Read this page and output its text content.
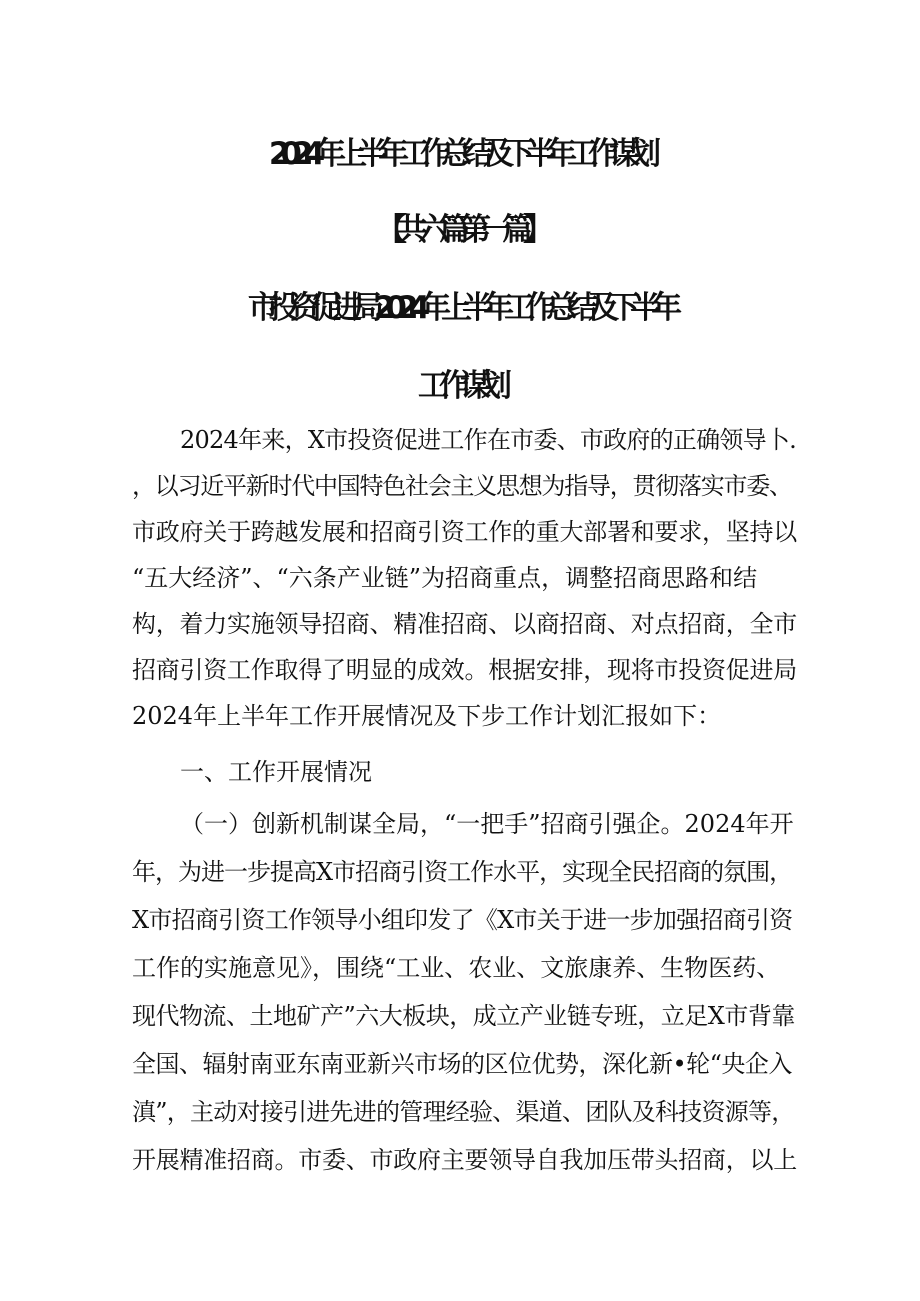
2024年上半年工作总结及下半年工作谋划
【共六篇第一篇】
市投资促进局2024年上半年工作总结及下半年
工作谋划
2024年来，X市投资促进工作在市委、市政府的正确领导卜.
，以习近平新时代中国特色社会主义思想为指导，贯彻落实市委、
市政府关于跨越发展和招商引资工作的重大部署和要求，坚持以
“五大经济”、“六条产业链”为招商重点，调整招商思路和结
构，着力实施领导招商、精准招商、以商招商、对点招商，全市
招商引资工作取得了明显的成效。根据安排，现将市投资促进局
2024年上半年工作开展情况及下步工作计划汇报如下：
一、工作开展情况
（一）创新机制谋全局，“一把手”招商引强企。2024年开
年，为进一步提高X市招商引资工作水平，实现全民招商的氛围，
X市招商引资工作领导小组印发了《X市关于进一步加强招商引资
工作的实施意见》，围绕“工业、农业、文旅康养、生物医药、
现代物流、土地矿产”六大板块，成立产业链专班，立足X市背靠
全国、辐射南亚东南亚新兴市场的区位优势，深化新•轮“央企入
滇”，主动对接引进先进的管理经验、渠道、团队及科技资源等，
开展精准招商。市委、市政府主要领导自我加压带头招商，以上
